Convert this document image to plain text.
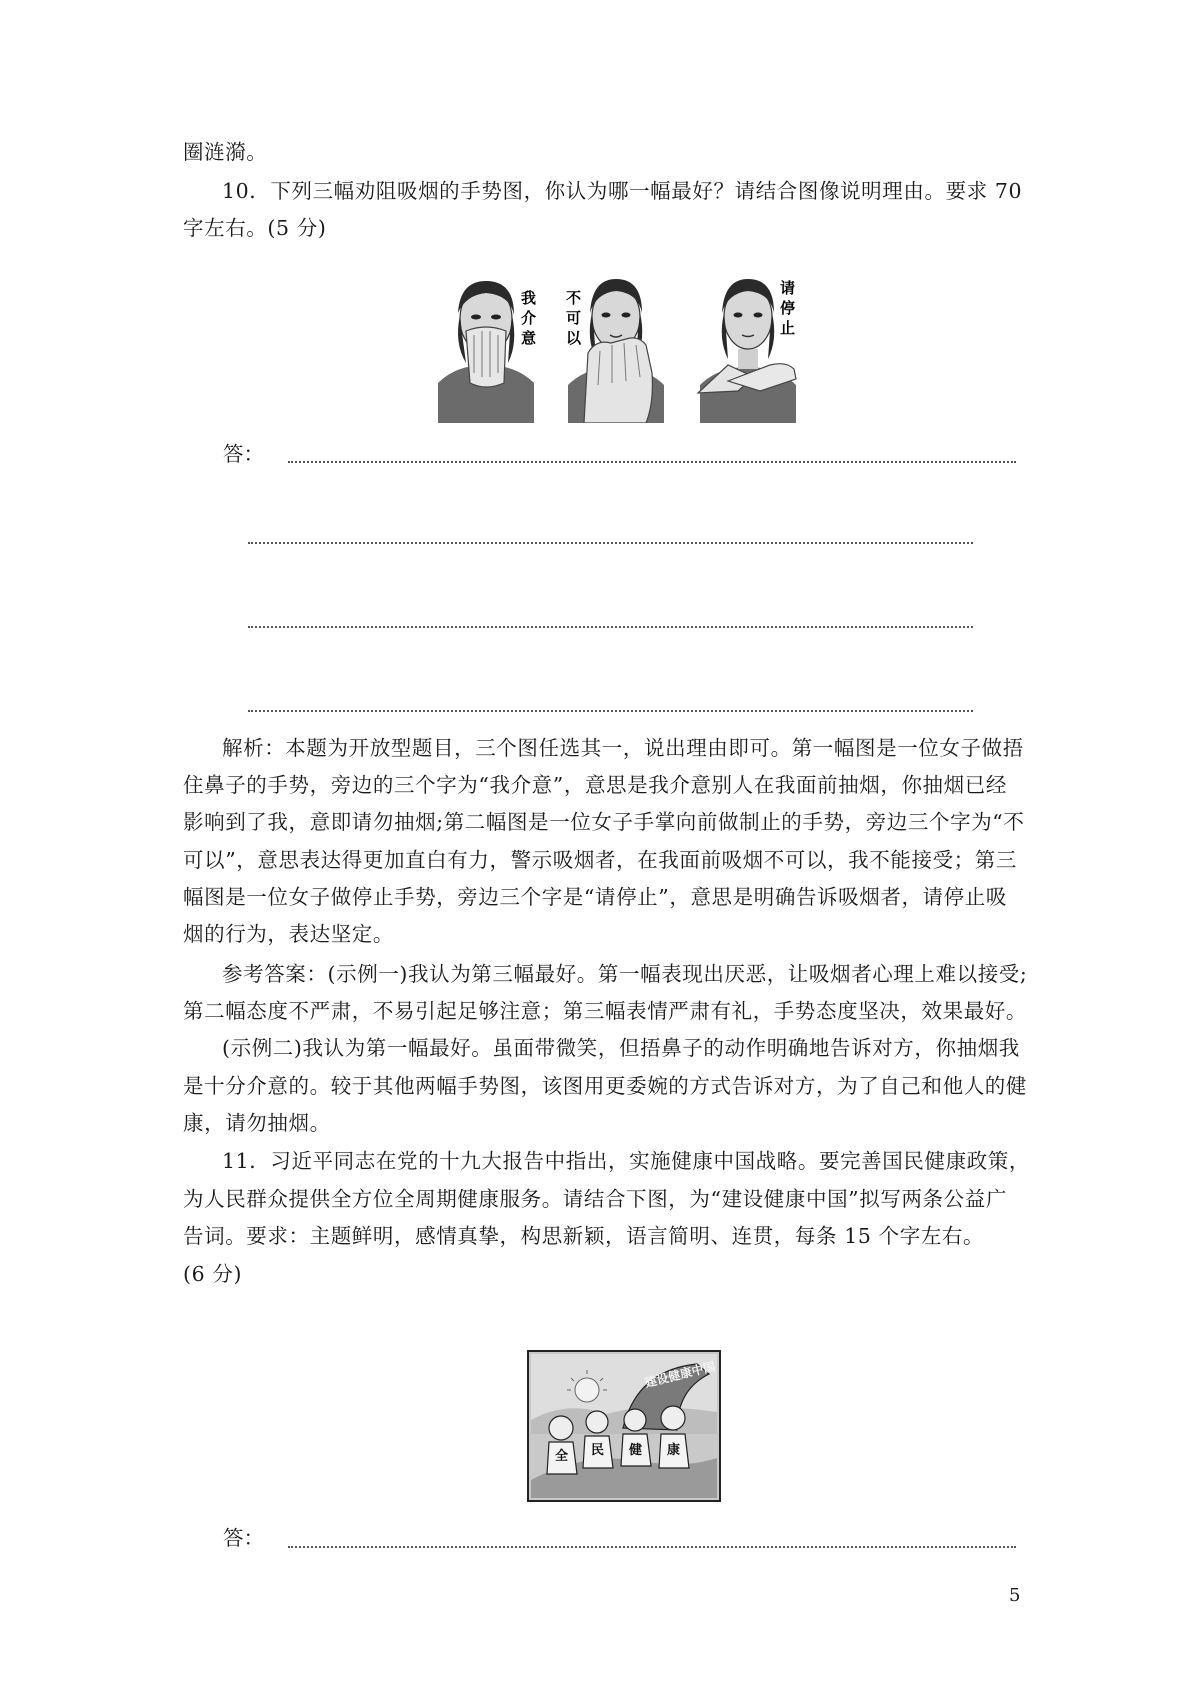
圈涟漪。
10．下列三幅劝阻吸烟的手势图，你认为哪一幅最好？请结合图像说明理由。要求 70
字左右。(5 分)
我
介
意
不
可
以
请
停
止
答：
解析：本题为开放型题目，三个图任选其一，说出理由即可。第一幅图是一位女子做捂
住鼻子的手势，旁边的三个字为“我介意”，意思是我介意别人在我面前抽烟，你抽烟已经
影响到了我，意即请勿抽烟;第二幅图是一位女子手掌向前做制止的手势，旁边三个字为“不
可以”，意思表达得更加直白有力，警示吸烟者，在我面前吸烟不可以，我不能接受；第三
幅图是一位女子做停止手势，旁边三个字是“请停止”，意思是明确告诉吸烟者，请停止吸
烟的行为，表达坚定。
参考答案：(示例一)我认为第三幅最好。第一幅表现出厌恶，让吸烟者心理上难以接受;
第二幅态度不严肃，不易引起足够注意；第三幅表情严肃有礼，手势态度坚决，效果最好。
(示例二)我认为第一幅最好。虽面带微笑，但捂鼻子的动作明确地告诉对方，你抽烟我
是十分介意的。较于其他两幅手势图，该图用更委婉的方式告诉对方，为了自己和他人的健
康，请勿抽烟。
11．习近平同志在党的十九大报告中指出，实施健康中国战略。要完善国民健康政策，
为人民群众提供全方位全周期健康服务。请结合下图，为“建设健康中国”拟写两条公益广
告词。要求：主题鲜明，感情真挚，构思新颖，语言简明、连贯，每条 15 个字左右。
(6 分)
建设健康中国
全 民 健 康
答：
5
